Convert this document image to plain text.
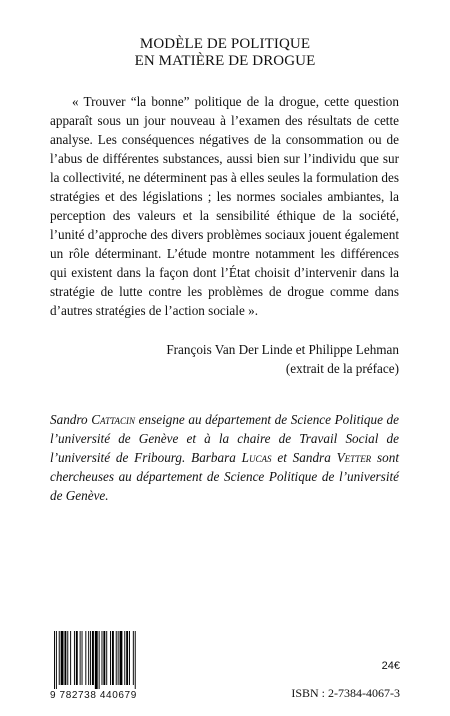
MODÈLE DE POLITIQUE
EN MATIÈRE DE DROGUE

« Trouver “la bonne” politique de la drogue, cette question apparaît sous un jour nouveau à l’examen des résultats de cette analyse. Les conséquences négatives de la consommation ou de l’abus de différentes substances, aussi bien sur l’individu que sur la collectivité, ne déterminent pas à elles seules la formulation des stratégies et des législations ; les normes sociales ambiantes, la perception des valeurs et la sensibilité éthique de la société, l’unité d’approche des divers problèmes sociaux jouent également un rôle déterminant. L’étude montre notamment les différences qui existent dans la façon dont l’État choisit d’intervenir dans la stratégie de lutte contre les problèmes de drogue comme dans d’autres stratégies de l’action sociale ».

François Van Der Linde et Philippe Lehman
(extrait de la préface)

Sandro Cattacin enseigne au département de Science Politique de l’université de Genève et à la chaire de Travail Social de l’université de Fribourg. Barbara Lucas et Sandra Vetter sont chercheuses au département de Science Politique de l’université de Genève.

9 782738 440679
24€
ISBN : 2-7384-4067-3
